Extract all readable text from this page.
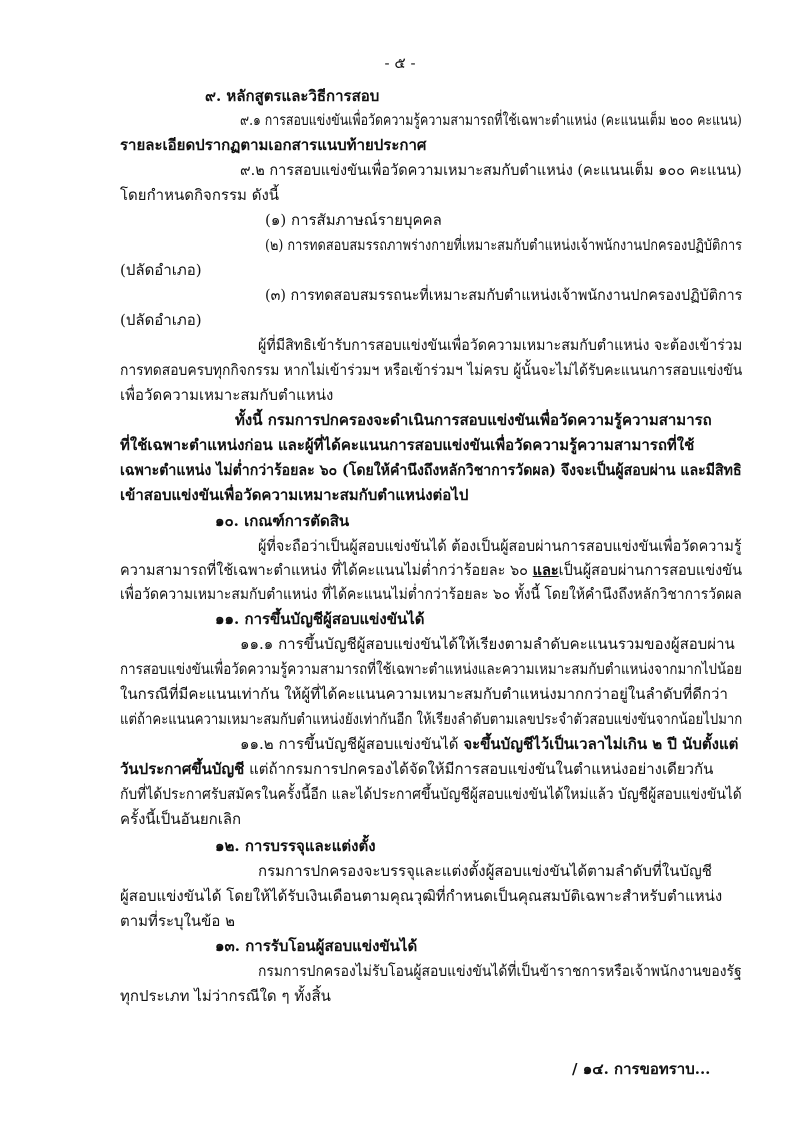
- ๕ -

๙. หลักสูตรและวิธีการสอบ

๙.๑ การสอบแข่งขันเพื่อวัดความรู้ความสามารถที่ใช้เฉพาะตำแหน่ง (คะแนนเต็ม ๒๐๐ คะแนน)

รายละเอียดปรากฏตามเอกสารแนบท้ายประกาศ

๙.๒ การสอบแข่งขันเพื่อวัดความเหมาะสมกับตำแหน่ง (คะแนนเต็ม ๑๐๐ คะแนน)

โดยกำหนดกิจกรรม ดังนี้

(๑) การสัมภาษณ์รายบุคคล

(๒) การทดสอบสมรรถภาพร่างกายที่เหมาะสมกับตำแหน่งเจ้าพนักงานปกครองปฏิบัติการ

(ปลัดอำเภอ)

(๓) การทดสอบสมรรถนะที่เหมาะสมกับตำแหน่งเจ้าพนักงานปกครองปฏิบัติการ

(ปลัดอำเภอ)

ผู้ที่มีสิทธิเข้ารับการสอบแข่งขันเพื่อวัดความเหมาะสมกับตำแหน่ง จะต้องเข้าร่วม

การทดสอบครบทุกกิจกรรม หากไม่เข้าร่วมฯ หรือเข้าร่วมฯ ไม่ครบ ผู้นั้นจะไม่ได้รับคะแนนการสอบแข่งขัน

เพื่อวัดความเหมาะสมกับตำแหน่ง

ทั้งนี้ กรมการปกครองจะดำเนินการสอบแข่งขันเพื่อวัดความรู้ความสามารถ

ที่ใช้เฉพาะตำแหน่งก่อน และผู้ที่ได้คะแนนการสอบแข่งขันเพื่อวัดความรู้ความสามารถที่ใช้

เฉพาะตำแหน่ง ไม่ต่ำกว่าร้อยละ ๖๐ (โดยให้คำนึงถึงหลักวิชาการวัดผล) จึงจะเป็นผู้สอบผ่าน และมีสิทธิ

เข้าสอบแข่งขันเพื่อวัดความเหมาะสมกับตำแหน่งต่อไป

๑๐. เกณฑ์การตัดสิน

ผู้ที่จะถือว่าเป็นผู้สอบแข่งขันได้ ต้องเป็นผู้สอบผ่านการสอบแข่งขันเพื่อวัดความรู้

ความสามารถที่ใช้เฉพาะตำแหน่ง ที่ได้คะแนนไม่ต่ำกว่าร้อยละ ๖๐ และเป็นผู้สอบผ่านการสอบแข่งขัน

เพื่อวัดความเหมาะสมกับตำแหน่ง ที่ได้คะแนนไม่ต่ำกว่าร้อยละ ๖๐ ทั้งนี้ โดยให้คำนึงถึงหลักวิชาการวัดผล

๑๑. การขึ้นบัญชีผู้สอบแข่งขันได้

๑๑.๑ การขึ้นบัญชีผู้สอบแข่งขันได้ให้เรียงตามลำดับคะแนนรวมของผู้สอบผ่าน

การสอบแข่งขันเพื่อวัดความรู้ความสามารถที่ใช้เฉพาะตำแหน่งและความเหมาะสมกับตำแหน่งจากมากไปน้อย

ในกรณีที่มีคะแนนเท่ากัน ให้ผู้ที่ได้คะแนนความเหมาะสมกับตำแหน่งมากกว่าอยู่ในลำดับที่ดีกว่า

แต่ถ้าคะแนนความเหมาะสมกับตำแหน่งยังเท่ากันอีก ให้เรียงลำดับตามเลขประจำตัวสอบแข่งขันจากน้อยไปมาก

๑๑.๒ การขึ้นบัญชีผู้สอบแข่งขันได้ จะขึ้นบัญชีไว้เป็นเวลาไม่เกิน ๒ ปี นับตั้งแต่

วันประกาศขึ้นบัญชี แต่ถ้ากรมการปกครองได้จัดให้มีการสอบแข่งขันในตำแหน่งอย่างเดียวกัน

กับที่ได้ประกาศรับสมัครในครั้งนี้อีก และได้ประกาศขึ้นบัญชีผู้สอบแข่งขันได้ใหม่แล้ว บัญชีผู้สอบแข่งขันได้

ครั้งนี้เป็นอันยกเลิก

๑๒. การบรรจุและแต่งตั้ง

กรมการปกครองจะบรรจุและแต่งตั้งผู้สอบแข่งขันได้ตามลำดับที่ในบัญชี

ผู้สอบแข่งขันได้ โดยให้ได้รับเงินเดือนตามคุณวุฒิที่กำหนดเป็นคุณสมบัติเฉพาะสำหรับตำแหน่ง

ตามที่ระบุในข้อ ๒

๑๓. การรับโอนผู้สอบแข่งขันได้

กรมการปกครองไม่รับโอนผู้สอบแข่งขันได้ที่เป็นข้าราชการหรือเจ้าพนักงานของรัฐ

ทุกประเภท ไม่ว่ากรณีใด ๆ ทั้งสิ้น

/ ๑๔. การขอทราบ...
